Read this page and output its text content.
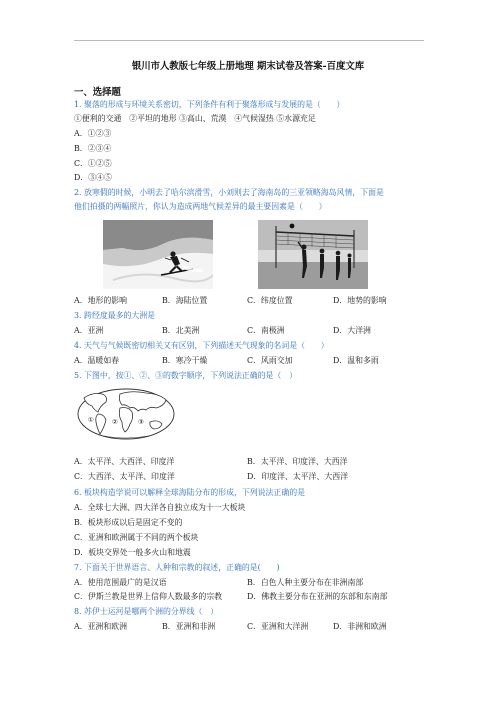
银川市人教版七年级上册地理 期末试卷及答案-百度文库
一、选择题
1. 聚落的形成与环境关系密切，下列条件有利于聚落形成与发展的是（　　）
①便利的交通　②平坦的地形 ③高山、荒漠　④气候湿热 ⑤水源充足
A．①②③
B．②③④
C．①②⑤
D．③④⑤
2. 放寒假的时候，小明去了哈尔滨滑雪，小刘则去了海南岛的三亚领略海岛风情，下面是
他们拍摄的两幅照片，你认为造成两地气候差异的最主要因素是（　　）
A．地形的影响	B．海陆位置	C．纬度位置	D．地势的影响
3. 跨经度最多的大洲是
A．亚洲	B．北美洲	C．南极洲	D．大洋洲
4. 天气与气候既密切相关又有区别，下列描述天气现象的名词是（　　）
A．温暖如春	B．寒冷干燥	C．风雨交加	D．温和多雨
5. 下图中，按①、②、③的数字顺序，下列说法正确的是（　）
①	②	③
A．太平洋、大西洋、印度洋	B．太平洋、印度洋、大西洋
C．大西洋、太平洋、印度洋	D．印度洋、太平洋、大西洋
6. 板块构造学说可以解释全球海陆分布的形成，下列说法正确的是
A．全球七大洲、四大洋各自独立成为十一大板块
B．板块形成以后是固定不变的
C．亚洲和欧洲属于不同的两个板块
D．板块交界处一般多火山和地震
7. 下面关于世界语言、人种和宗教的叙述，正确的是(　　)
A．使用范围最广的是汉语	B．白色人种主要分布在非洲南部
C．伊斯兰教是世界上信仰人数最多的宗教	D．佛教主要分布在亚洲的东部和东南部
8. 苏伊士运河是哪两个洲的分界线（　）
A．亚洲和欧洲	B．亚洲和非洲	C．亚洲和大洋洲	D．非洲和欧洲
